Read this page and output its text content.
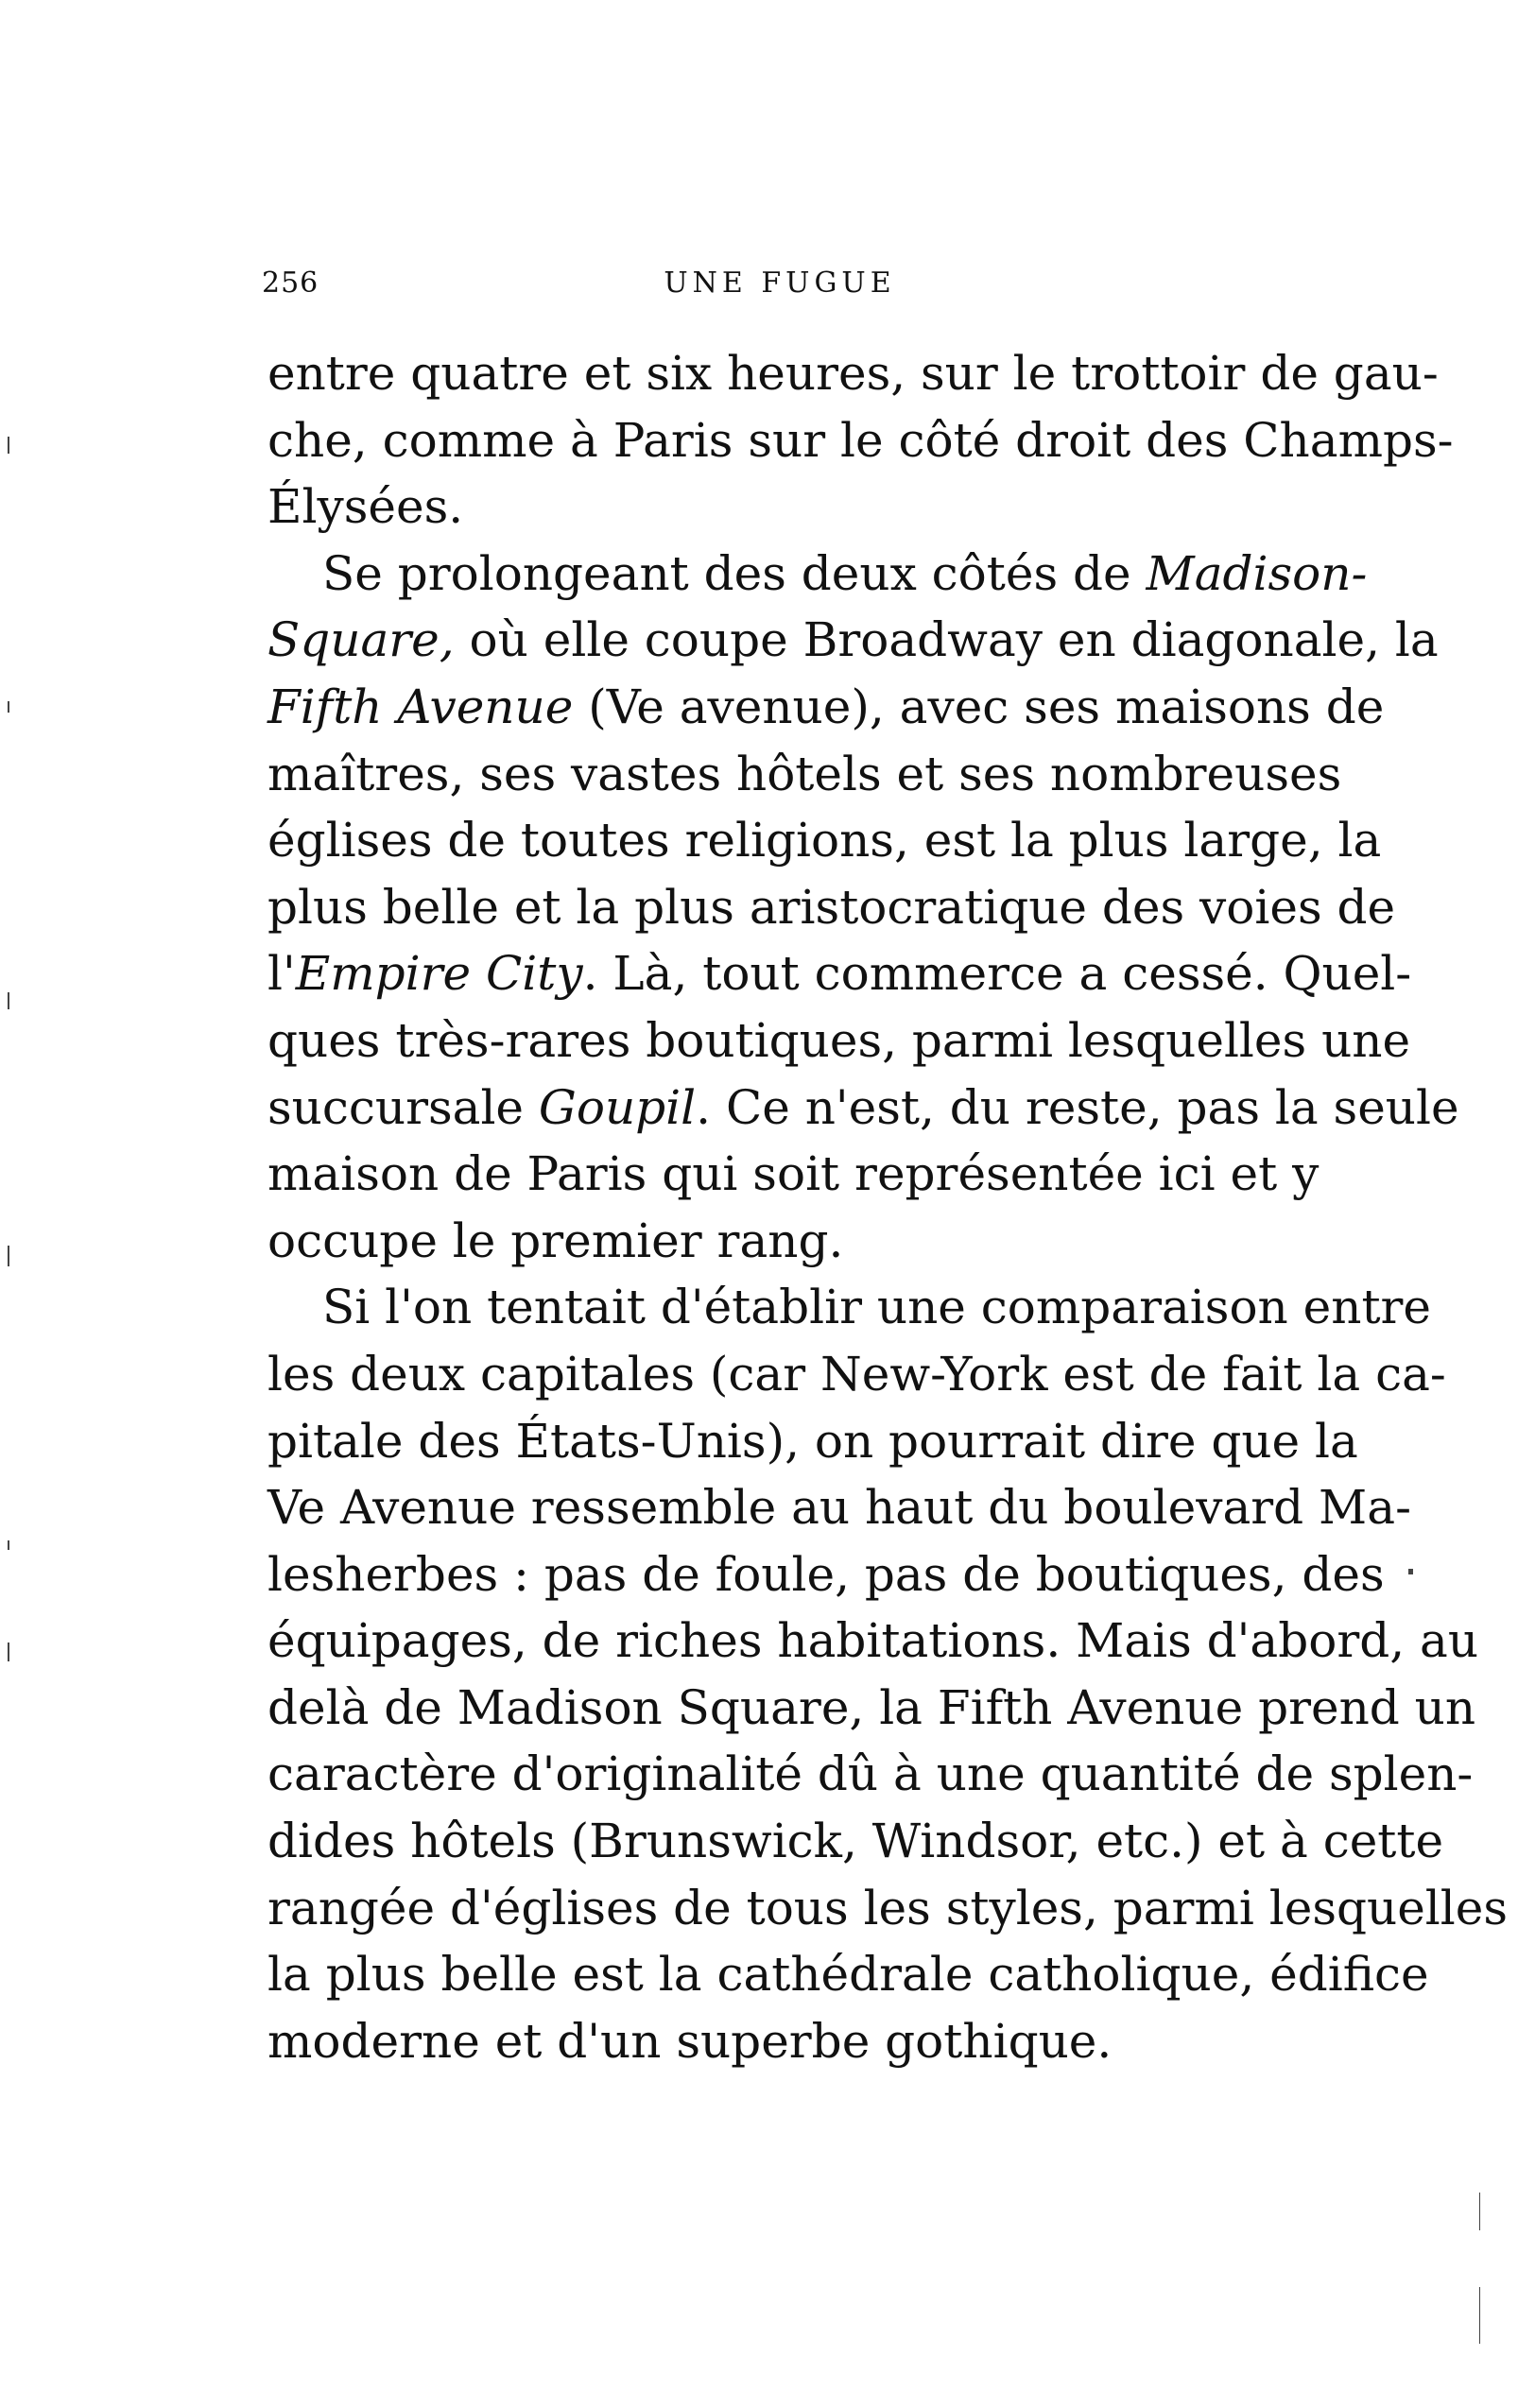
256	UNE FUGUE
entre quatre et six heures, sur le trottoir de gau-
che, comme à Paris sur le côté droit des Champs-
Élysées.
Se prolongeant des deux côtés de Madison-
Square, où elle coupe Broadway en diagonale, la
Fifth Avenue (Ve avenue), avec ses maisons de
maîtres, ses vastes hôtels et ses nombreuses
églises de toutes religions, est la plus large, la
plus belle et la plus aristocratique des voies de
l'Empire City. Là, tout commerce a cessé. Quel-
ques très-rares boutiques, parmi lesquelles une
succursale Goupil. Ce n'est, du reste, pas la seule
maison de Paris qui soit représentée ici et y
occupe le premier rang.
Si l'on tentait d'établir une comparaison entre
les deux capitales (car New-York est de fait la ca-
pitale des États-Unis), on pourrait dire que la
Ve Avenue ressemble au haut du boulevard Ma-
lesherbes : pas de foule, pas de boutiques, des
équipages, de riches habitations. Mais d'abord, au
delà de Madison Square, la Fifth Avenue prend un
caractère d'originalité dû à une quantité de splen-
dides hôtels (Brunswick, Windsor, etc.) et à cette
rangée d'églises de tous les styles, parmi lesquelles
la plus belle est la cathédrale catholique, édifice
moderne et d'un superbe gothique.
